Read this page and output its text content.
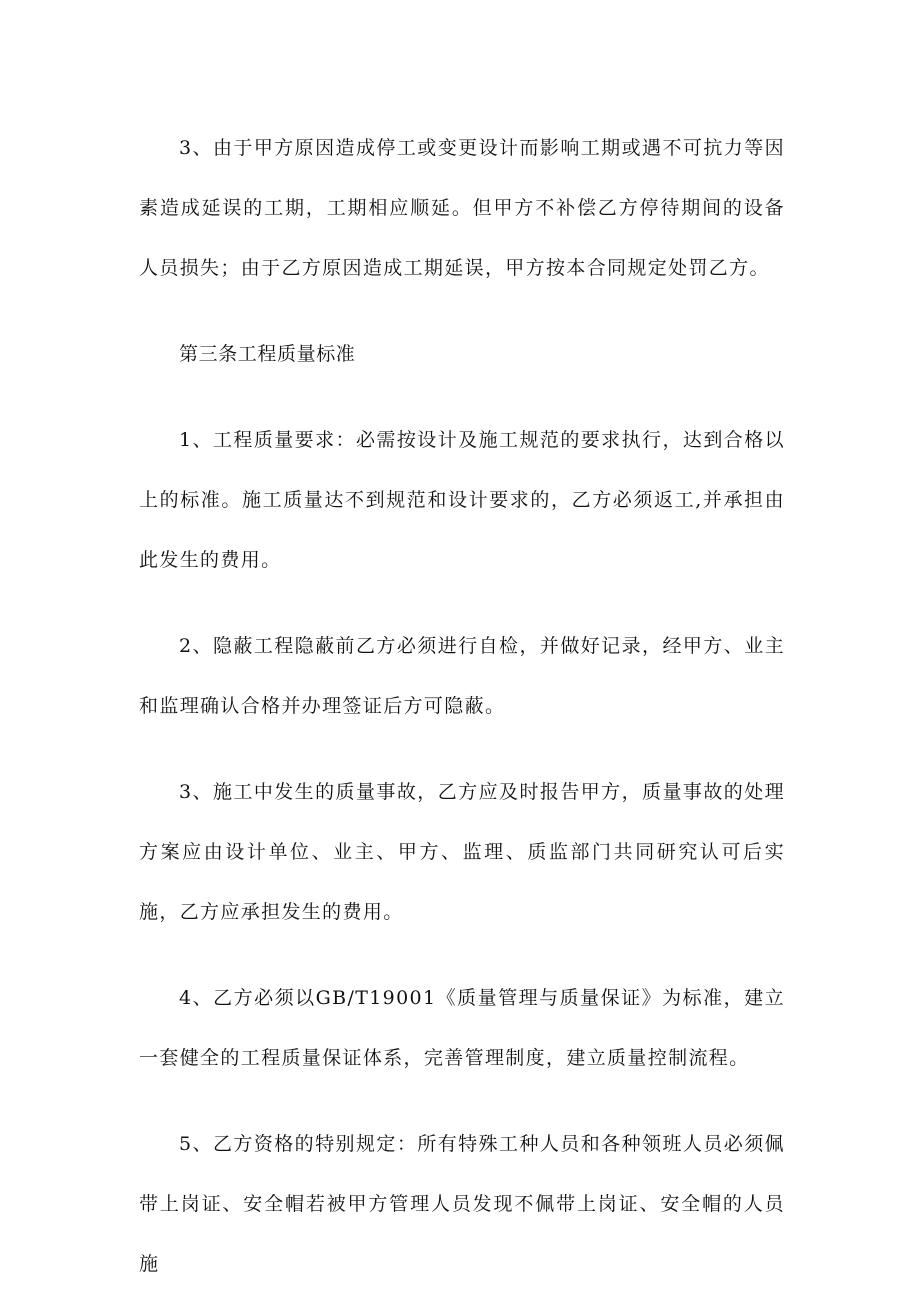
3、由于甲方原因造成停工或变更设计而影响工期或遇不可抗力等因素造成延误的工期，工期相应顺延。但甲方不补偿乙方停待期间的设备人员损失；由于乙方原因造成工期延误，甲方按本合同规定处罚乙方。

第三条工程质量标准

1、工程质量要求：必需按设计及施工规范的要求执行，达到合格以上的标准。施工质量达不到规范和设计要求的，乙方必须返工,并承担由此发生的费用。

2、隐蔽工程隐蔽前乙方必须进行自检，并做好记录，经甲方、业主和监理确认合格并办理签证后方可隐蔽。

3、施工中发生的质量事故，乙方应及时报告甲方，质量事故的处理方案应由设计单位、业主、甲方、监理、质监部门共同研究认可后实施，乙方应承担发生的费用。

4、乙方必须以GB/T19001《质量管理与质量保证》为标准，建立一套健全的工程质量保证体系，完善管理制度，建立质量控制流程。

5、乙方资格的特别规定：所有特殊工种人员和各种领班人员必须佩带上岗证、安全帽若被甲方管理人员发现不佩带上岗证、安全帽的人员施
